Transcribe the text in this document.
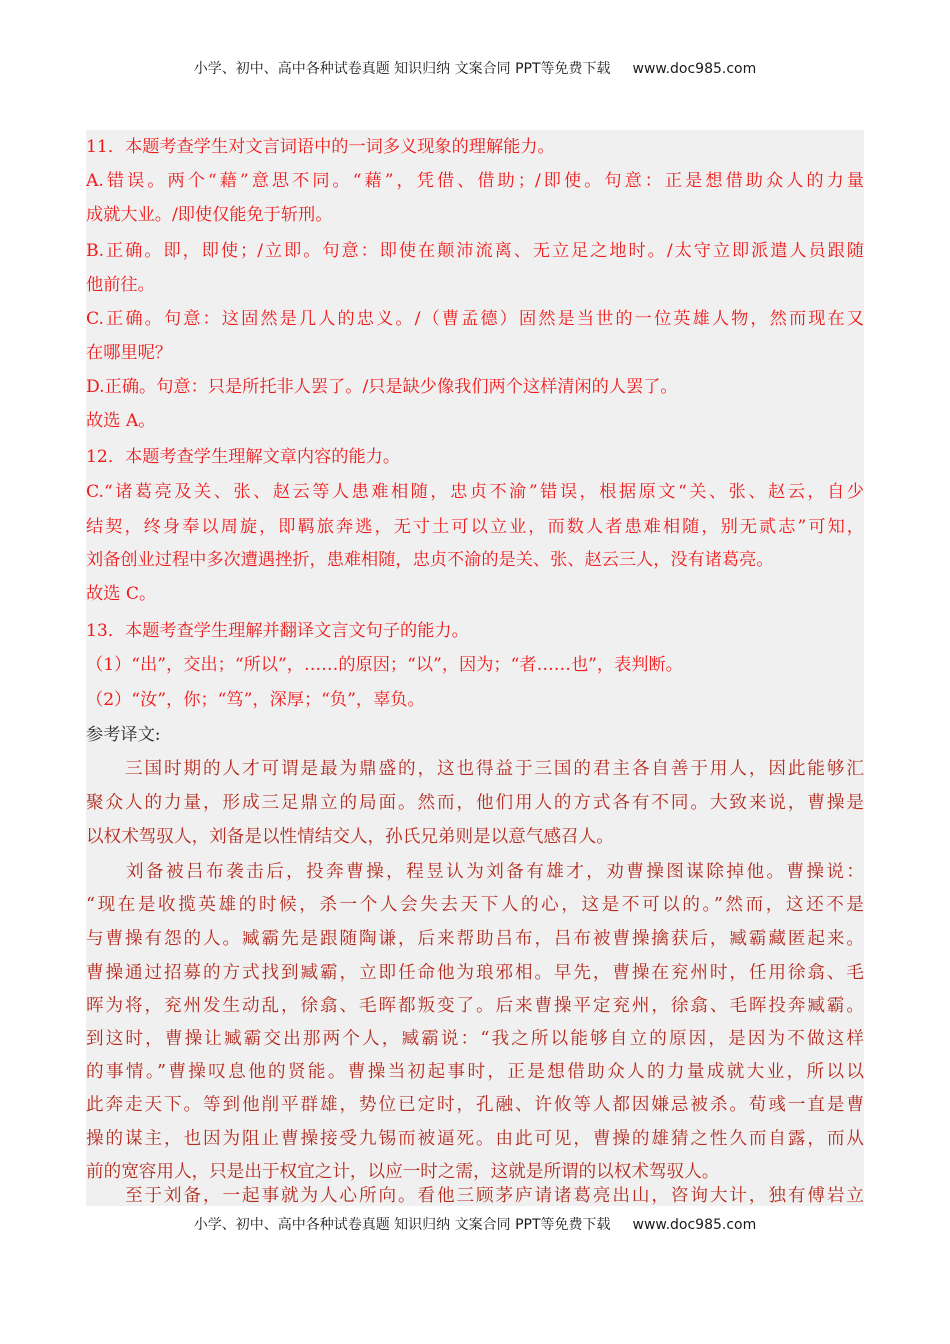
小学、初中、高中各种试卷真题 知识归纳 文案合同 PPT等免费下载 www.doc985.com
11．本题考查学生对文言词语中的一词多义现象的理解能力。
A.错误。两个“藉”意思不同。“藉”，凭借、借助；/即使。句意：正是想借助众人的力量
成就大业。/即使仅能免于斩刑。
B.正确。即，即使；/立即。句意：即使在颠沛流离、无立足之地时。/太守立即派遣人员跟随
他前往。
C.正确。句意：这固然是几人的忠义。/（曹孟德）固然是当世的一位英雄人物，然而现在又
在哪里呢？
D.正确。句意：只是所托非人罢了。/只是缺少像我们两个这样清闲的人罢了。
故选 A。
12．本题考查学生理解文章内容的能力。
C.“诸葛亮及关、张、赵云等人患难相随，忠贞不渝”错误，根据原文“关、张、赵云，自少
结契，终身奉以周旋，即羁旅奔逃，无寸土可以立业，而数人者患难相随，别无贰志”可知，
刘备创业过程中多次遭遇挫折，患难相随，忠贞不渝的是关、张、赵云三人，没有诸葛亮。
故选 C。
13．本题考查学生理解并翻译文言文句子的能力。
（1）“出”，交出；“所以”，……的原因；“以”，因为；“者……也”，表判断。
（2）“汝”，你；“笃”，深厚；“负”，辜负。
参考译文:
　　三国时期的人才可谓是最为鼎盛的，这也得益于三国的君主各自善于用人，因此能够汇
聚众人的力量，形成三足鼎立的局面。然而，他们用人的方式各有不同。大致来说，曹操是
以权术驾驭人，刘备是以性情结交人，孙氏兄弟则是以意气感召人。
　　刘备被吕布袭击后，投奔曹操，程昱认为刘备有雄才，劝曹操图谋除掉他。曹操说：
“现在是收揽英雄的时候，杀一个人会失去天下人的心，这是不可以的。”然而，这还不是
与曹操有怨的人。臧霸先是跟随陶谦，后来帮助吕布，吕布被曹操擒获后，臧霸藏匿起来。
曹操通过招募的方式找到臧霸，立即任命他为琅邪相。早先，曹操在兖州时，任用徐翕、毛
晖为将，兖州发生动乱，徐翕、毛晖都叛变了。后来曹操平定兖州，徐翕、毛晖投奔臧霸。
到这时，曹操让臧霸交出那两个人，臧霸说：“我之所以能够自立的原因，是因为不做这样
的事情。”曹操叹息他的贤能。曹操当初起事时，正是想借助众人的力量成就大业，所以以
此奔走天下。等到他削平群雄，势位已定时，孔融、许攸等人都因嫌忌被杀。荀彧一直是曹
操的谋主，也因为阻止曹操接受九锡而被逼死。由此可见，曹操的雄猜之性久而自露，而从
前的宽容用人，只是出于权宜之计，以应一时之需，这就是所谓的以权术驾驭人。
　　至于刘备，一起事就为人心所向。看他三顾茅庐请诸葛亮出山，咨询大计，独有傅岩立
小学、初中、高中各种试卷真题 知识归纳 文案合同 PPT等免费下载 www.doc985.com
